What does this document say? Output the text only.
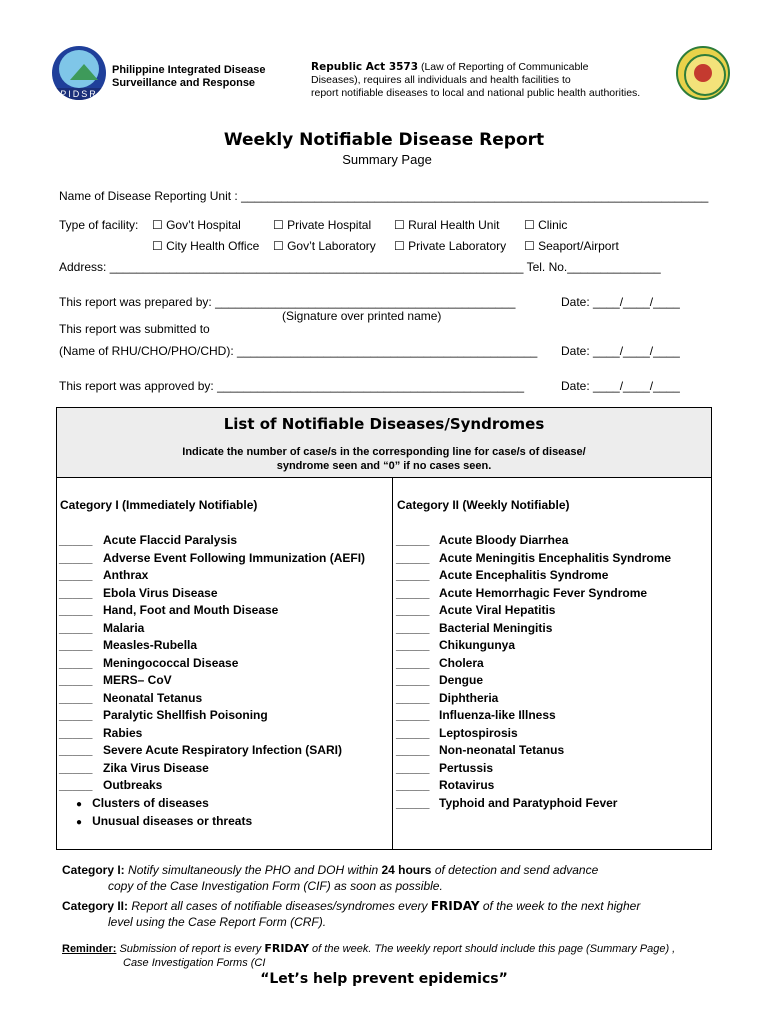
PIDSR
Philippine Integrated Disease
Surveillance and Response
Republic Act 3573 (Law of Reporting of Communicable
Diseases), requires all individuals and health facilities to
report notifiable diseases to local and national public health authorities.
Weekly Notifiable Disease Report
Summary Page
Name of Disease Reporting Unit : ______________________________________________________________________
Type of facility: ☐ Gov’t Hospital	☐ Private Hospital ☐ Rural Health Unit ☐ Clinic
☐ City Health Office ☐ Gov’t Laboratory ☐ Private Laboratory ☐ Seaport/Airport
Address: ______________________________________________________________ Tel. No.______________
This report was prepared by: _____________________________________________	Date: ____/____/____
(Signature over printed name)
This report was submitted to
(Name of RHU/CHO/PHO/CHD): _____________________________________________ Date: ____/____/____
This report was approved by: ______________________________________________	Date: ____/____/____
List of Notifiable Diseases/Syndromes
Indicate the number of case/s in the corresponding line for case/s of disease/
syndrome seen and “0” if no cases seen.
Category I (Immediately Notifiable)	Category II (Weekly Notifiable)
_____ Acute Flaccid Paralysis
_____ Adverse Event Following Immunization (AEFI)
_____ Anthrax
_____ Ebola Virus Disease
_____ Hand, Foot and Mouth Disease
_____ Malaria
_____ Measles-Rubella
_____ Meningococcal Disease
_____ MERS– CoV
_____ Neonatal Tetanus
_____ Paralytic Shellfish Poisoning
_____ Rabies
_____ Severe Acute Respiratory Infection (SARI)
_____ Zika Virus Disease
_____ Outbreaks
_____ Acute Bloody Diarrhea
_____ Acute Meningitis Encephalitis Syndrome
_____ Acute Encephalitis Syndrome
_____ Acute Hemorrhagic Fever Syndrome
_____ Acute Viral Hepatitis
_____ Bacterial Meningitis
_____ Chikungunya
_____ Cholera
_____ Dengue
_____ Diphtheria
_____ Influenza-like Illness
_____ Leptospirosis
_____ Non-neonatal Tetanus
_____ Pertussis
_____ Rotavirus
_____ Typhoid and Paratyphoid Fever
● Clusters of diseases
● Unusual diseases or threats
Category I: Notify simultaneously the PHO and DOH within 24 hours of detection and send advance
copy of the Case Investigation Form (CIF) as soon as possible.
Category II: Report all cases of notifiable diseases/syndromes every FRIDAY of the week to the next higher
level using the Case Report Form (CRF).
Reminder: Submission of report is every FRIDAY of the week. The weekly report should include this page (Summary Page) ,
Case Investigation Forms (CI
“Let’s help prevent epidemics”
